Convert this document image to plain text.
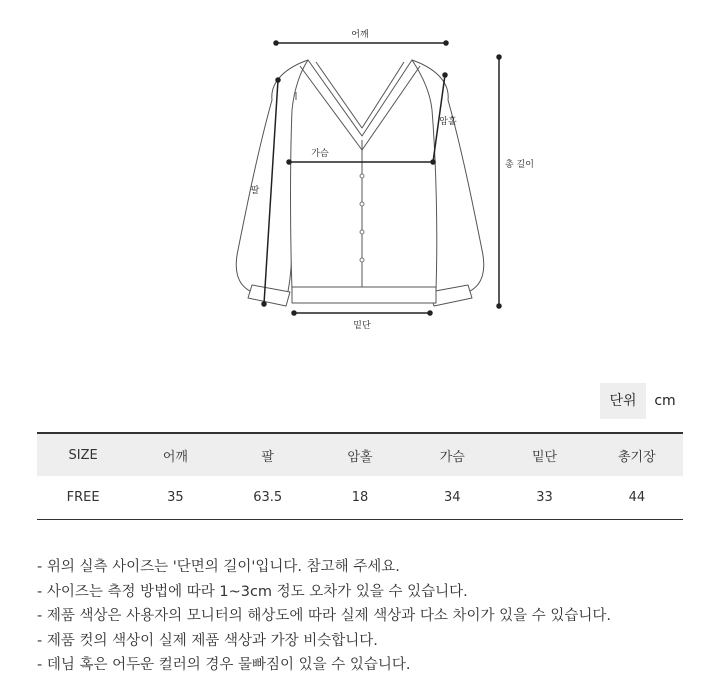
어깨
암홀
가슴
팔
총 길이
밑단
단위	cm
SIZE	어깨	팔	암홀	가슴	밑단	총기장
FREE	35	63.5	18	34	33	44
- 위의 실측 사이즈는 '단면의 길이'입니다. 참고해 주세요.
- 사이즈는 측정 방법에 따라 1~3cm 정도 오차가 있을 수 있습니다.
- 제품 색상은 사용자의 모니터의 해상도에 따라 실제 색상과 다소 차이가 있을 수 있습니다.
- 제품 컷의 색상이 실제 제품 색상과 가장 비슷합니다.
- 데님 혹은 어두운 컬러의 경우 물빠짐이 있을 수 있습니다.
